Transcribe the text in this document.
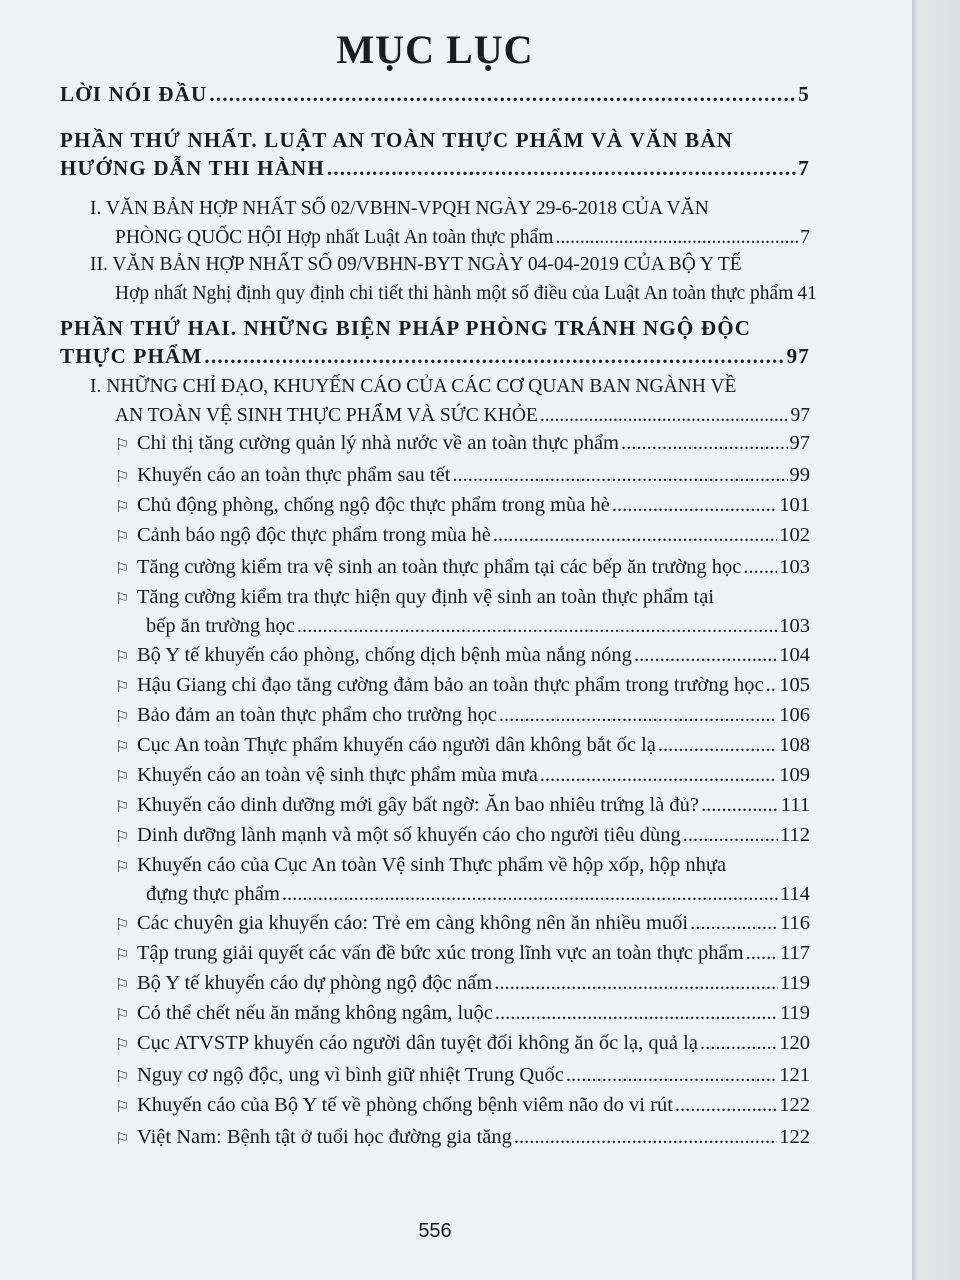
MỤC LỤC
LỜI NÓI ĐẦU .....	5
PHẦN THỨ NHẤT. LUẬT AN TOÀN THỰC PHẨM VÀ VĂN BẢN
HƯỚNG DẪN THI HÀNH .....	7
I. VĂN BẢN HỢP NHẤT SỐ 02/VBHN-VPQH NGÀY 29-6-2018 CỦA VĂN
PHÒNG QUỐC HỘI Hợp nhất Luật An toàn thực phẩm .....	7
II. VĂN BẢN HỢP NHẤT SỐ 09/VBHN-BYT NGÀY 04-04-2019 CỦA BỘ Y TẾ
Hợp nhất Nghị định quy định chi tiết thi hành một số điều của Luật An toàn thực phẩm 41
PHẦN THỨ HAI. NHỮNG BIỆN PHÁP PHÒNG TRÁNH NGỘ ĐỘC
THỰC PHẨM .....	97
I. NHỮNG CHỈ ĐẠO, KHUYẾN CÁO CỦA CÁC CƠ QUAN BAN NGÀNH VỀ
AN TOÀN VỆ SINH THỰC PHẨM VÀ SỨC KHỎE .....	97
⚐ Chỉ thị tăng cường quản lý nhà nước về an toàn thực phẩm .....	97
⚐ Khuyến cáo an toàn thực phẩm sau tết .....	99
⚐ Chủ động phòng, chống ngộ độc thực phẩm trong mùa hè .....	101
⚐ Cảnh báo ngộ độc thực phẩm trong mùa hè .....	102
⚐ Tăng cường kiểm tra vệ sinh an toàn thực phẩm tại các bếp ăn trường học ..... 103
⚐ Tăng cường kiểm tra thực hiện quy định vệ sinh an toàn thực phẩm tại
bếp ăn trường học .....	103
⚐ Bộ Y tế khuyến cáo phòng, chống dịch bệnh mùa nắng nóng .....	104
⚐ Hậu Giang chỉ đạo tăng cường đảm bảo an toàn thực phẩm trong trường học ..... 105
⚐ Bảo đảm an toàn thực phẩm cho trường học .....	106
⚐ Cục An toàn Thực phẩm khuyến cáo người dân không bắt ốc lạ .....	108
⚐ Khuyến cáo an toàn vệ sinh thực phẩm mùa mưa .....	109
⚐ Khuyến cáo dinh dưỡng mới gây bất ngờ: Ăn bao nhiêu trứng là đủ? .....	111
⚐ Dinh dưỡng lành mạnh và một số khuyến cáo cho người tiêu dùng .....	112
⚐ Khuyến cáo của Cục An toàn Vệ sinh Thực phẩm về hộp xốp, hộp nhựa
đựng thực phẩm .....	114
⚐ Các chuyên gia khuyến cáo: Trẻ em càng không nên ăn nhiều muối .....	116
⚐ Tập trung giải quyết các vấn đề bức xúc trong lĩnh vực an toàn thực phẩm ..... 117
⚐ Bộ Y tế khuyến cáo dự phòng ngộ độc nấm .....	119
⚐ Có thể chết nếu ăn măng không ngâm, luộc .....	119
⚐ Cục ATVSTP khuyến cáo người dân tuyệt đối không ăn ốc lạ, quả lạ .....	120
⚐ Nguy cơ ngộ độc, ung vì bình giữ nhiệt Trung Quốc .....	121
⚐ Khuyến cáo của Bộ Y tế về phòng chống bệnh viêm não do vi rút .....	122
⚐ Việt Nam: Bệnh tật ở tuổi học đường gia tăng .....	122
556
